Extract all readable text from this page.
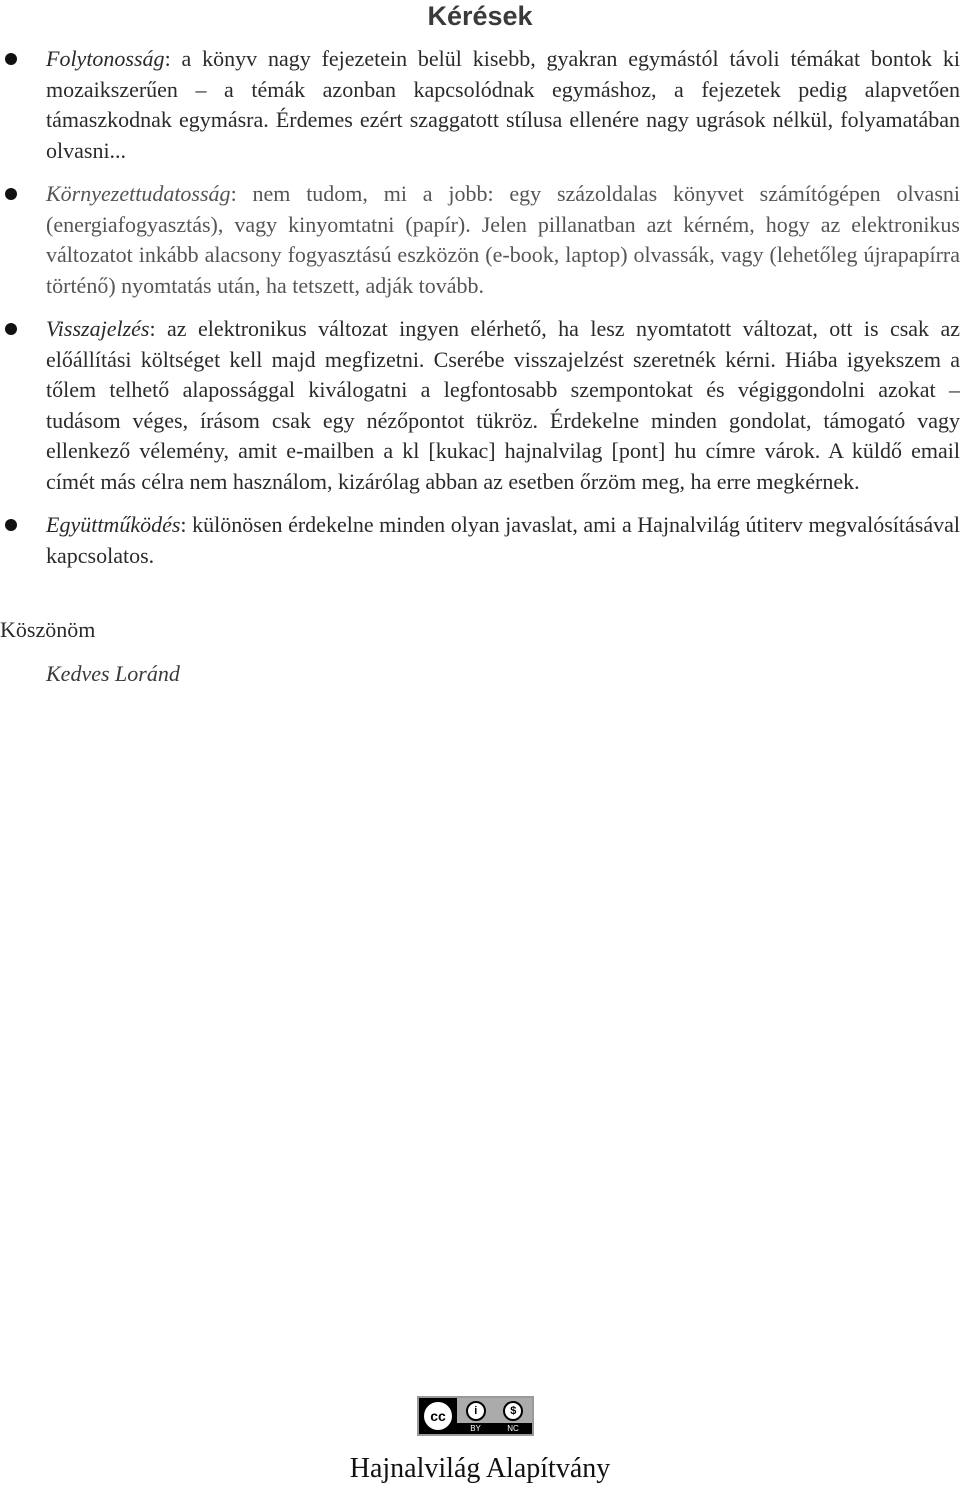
Kérések
Folytonosság: a könyv nagy fejezetein belül kisebb, gyakran egymástól távoli témákat bontok ki mozaikszerűen – a témák azonban kapcsolódnak egymáshoz, a fejezetek pedig alapvetően támaszkodnak egymásra. Érdemes ezért szaggatott stílusa ellenére nagy ugrások nélkül, folyamatában olvasni...
Környezettudatosság: nem tudom, mi a jobb: egy százoldalas könyvet számítógépen olvasni (energiafogyasztás), vagy kinyomtatni (papír). Jelen pillanatban azt kérném, hogy az elektronikus változatot inkább alacsony fogyasztású eszközön (e-book, laptop) olvassák, vagy (lehetőleg újrapapírra történő) nyomtatás után, ha tetszett, adják tovább.
Visszajelzés: az elektronikus változat ingyen elérhető, ha lesz nyomtatott változat, ott is csak az előállítási költséget kell majd megfizetni. Cserébe visszajelzést szeretnék kérni. Hiába igyekszem a tőlem telhető alapossággal kiválogatni a legfontosabb szempontokat és végiggondolni azokat – tudásom véges, írásom csak egy nézőpontot tükröz. Érdekelne minden gondolat, támogató vagy ellenkező vélemény, amit e-mailben a kl [kukac] hajnalvilag [pont] hu címre várok. A küldő email címét más célra nem használom, kizárólag abban az esetben őrzöm meg, ha erre megkérnek.
Együttműködés: különösen érdekelne minden olyan javaslat, ami a Hajnalvilág útiterv megvalósításával kapcsolatos.
Köszönöm
Kedves Loránd
cc	i	$
BY	NC
Hajnalvilág Alapítvány
